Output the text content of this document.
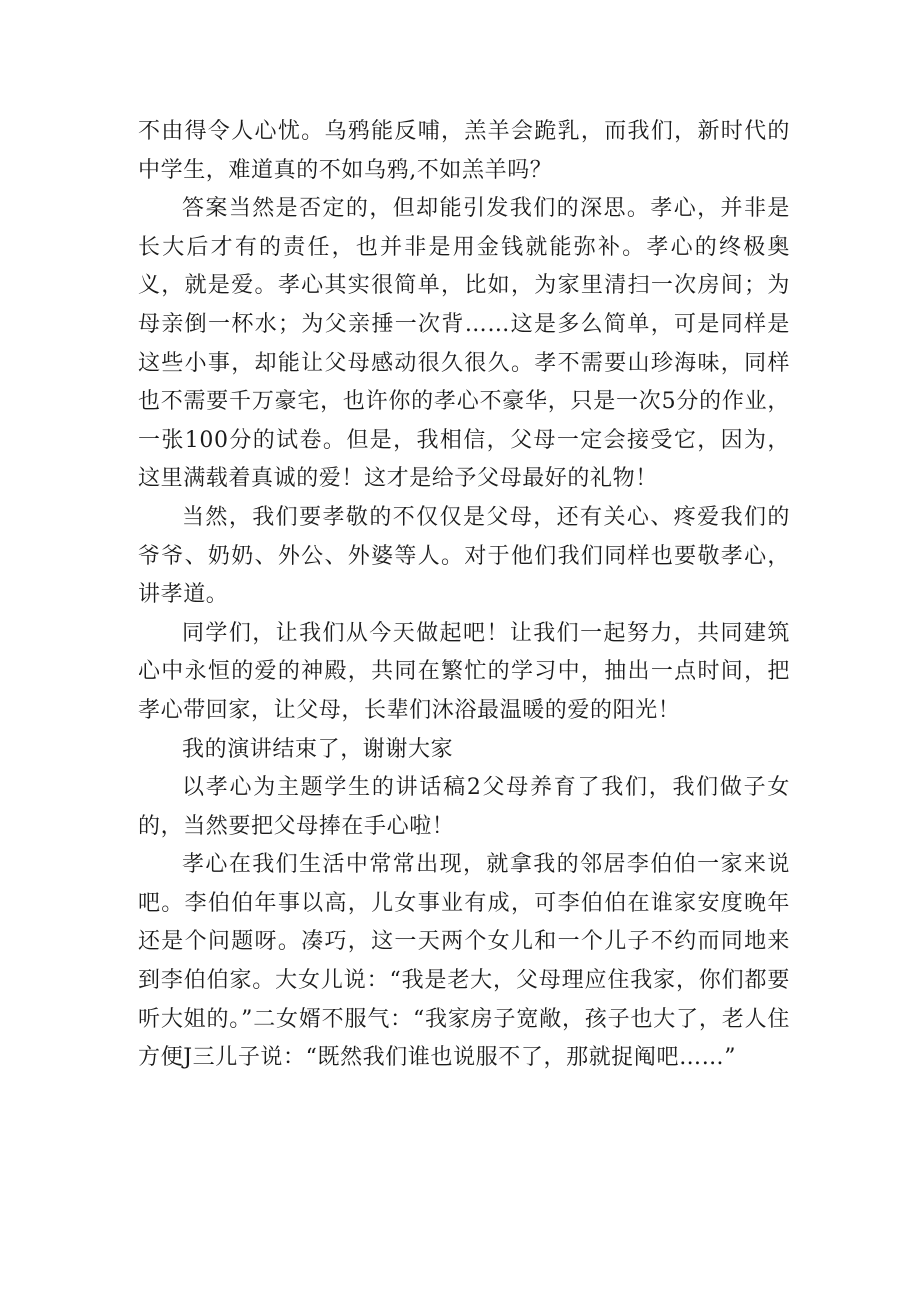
不由得令人心忧。乌鸦能反哺，羔羊会跪乳，而我们，新时代的中学生，难道真的不如乌鸦,不如羔羊吗？

答案当然是否定的，但却能引发我们的深思。孝心，并非是长大后才有的责任，也并非是用金钱就能弥补。孝心的终极奥义，就是爱。孝心其实很简单，比如，为家里清扫一次房间；为母亲倒一杯水；为父亲捶一次背……这是多么简单，可是同样是这些小事，却能让父母感动很久很久。孝不需要山珍海味，同样也不需要千万豪宅，也许你的孝心不豪华，只是一次5分的作业，一张100分的试卷。但是，我相信，父母一定会接受它，因为，这里满载着真诚的爱！这才是给予父母最好的礼物！

当然，我们要孝敬的不仅仅是父母，还有关心、疼爱我们的爷爷、奶奶、外公、外婆等人。对于他们我们同样也要敬孝心，讲孝道。

同学们，让我们从今天做起吧！让我们一起努力，共同建筑心中永恒的爱的神殿，共同在繁忙的学习中，抽出一点时间，把孝心带回家，让父母，长辈们沐浴最温暖的爱的阳光！

我的演讲结束了，谢谢大家

以孝心为主题学生的讲话稿2父母养育了我们，我们做子女的，当然要把父母捧在手心啦！

孝心在我们生活中常常出现，就拿我的邻居李伯伯一家来说吧。李伯伯年事以高，儿女事业有成，可李伯伯在谁家安度晚年还是个问题呀。凑巧，这一天两个女儿和一个儿子不约而同地来到李伯伯家。大女儿说：“我是老大，父母理应住我家，你们都要听大姐的。”二女婿不服气：“我家房子宽敞，孩子也大了，老人住方便J三儿子说：“既然我们谁也说服不了，那就捉阄吧……”
